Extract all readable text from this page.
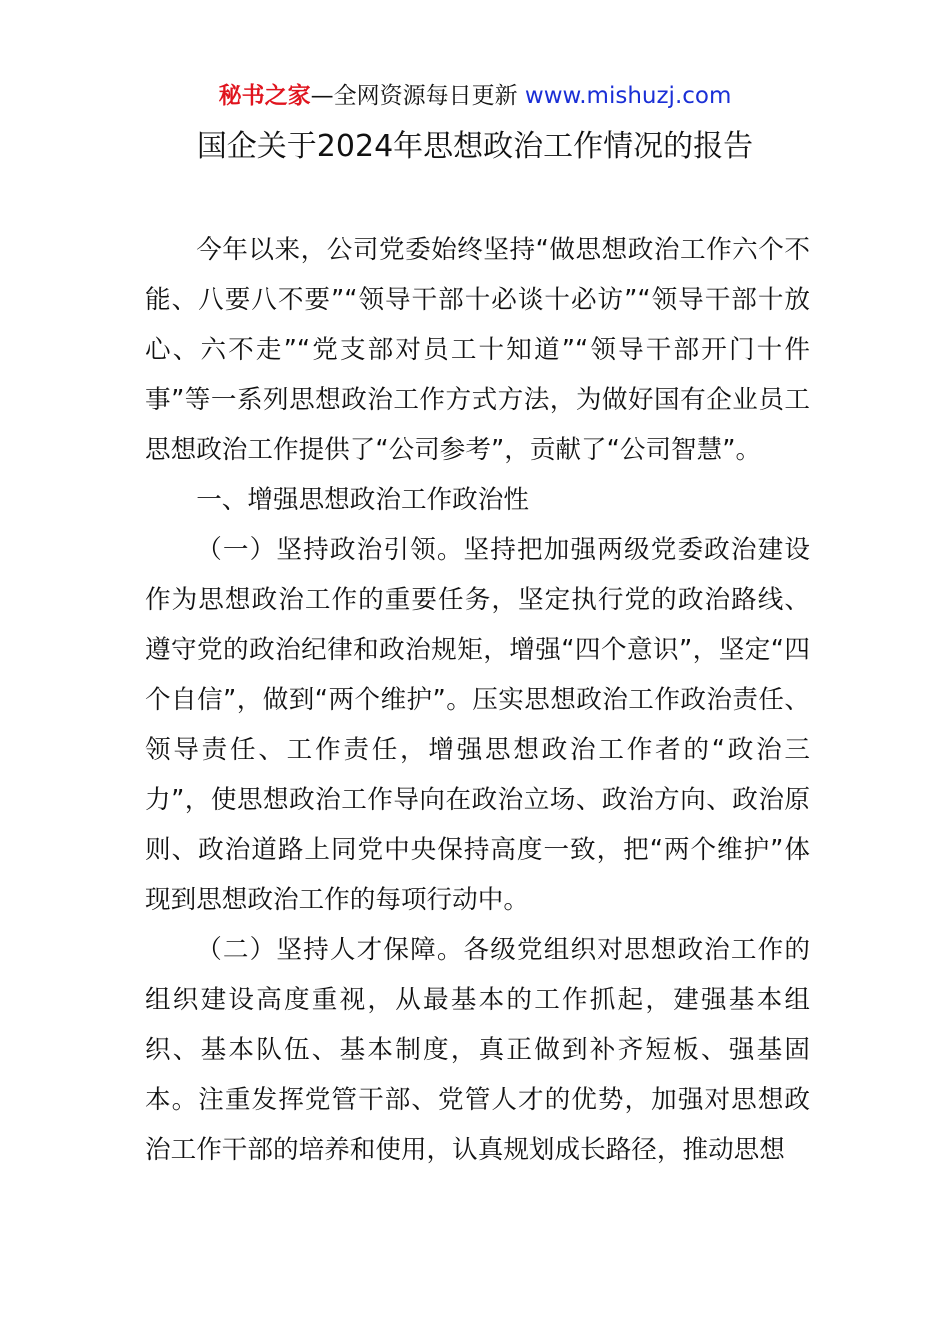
秘书之家—全网资源每日更新 www.mishuzj.com
国企关于2024年思想政治工作情况的报告

今年以来，公司党委始终坚持“做思想政治工作六个不能、八要八不要”“领导干部十必谈十必访”“领导干部十放心、六不走”“党支部对员工十知道”“领导干部开门十件事”等一系列思想政治工作方式方法，为做好国有企业员工思想政治工作提供了“公司参考”，贡献了“公司智慧”。

一、增强思想政治工作政治性

（一）坚持政治引领。坚持把加强两级党委政治建设作为思想政治工作的重要任务，坚定执行党的政治路线、遵守党的政治纪律和政治规矩，增强“四个意识”，坚定“四个自信”，做到“两个维护”。压实思想政治工作政治责任、领导责任、工作责任，增强思想政治工作者的“政治三力”，使思想政治工作导向在政治立场、政治方向、政治原则、政治道路上同党中央保持高度一致，把“两个维护”体现到思想政治工作的每项行动中。

（二）坚持人才保障。各级党组织对思想政治工作的组织建设高度重视，从最基本的工作抓起，建强基本组织、基本队伍、基本制度，真正做到补齐短板、强基固本。注重发挥党管干部、党管人才的优势，加强对思想政治工作干部的培养和使用，认真规划成长路径，推动思想
